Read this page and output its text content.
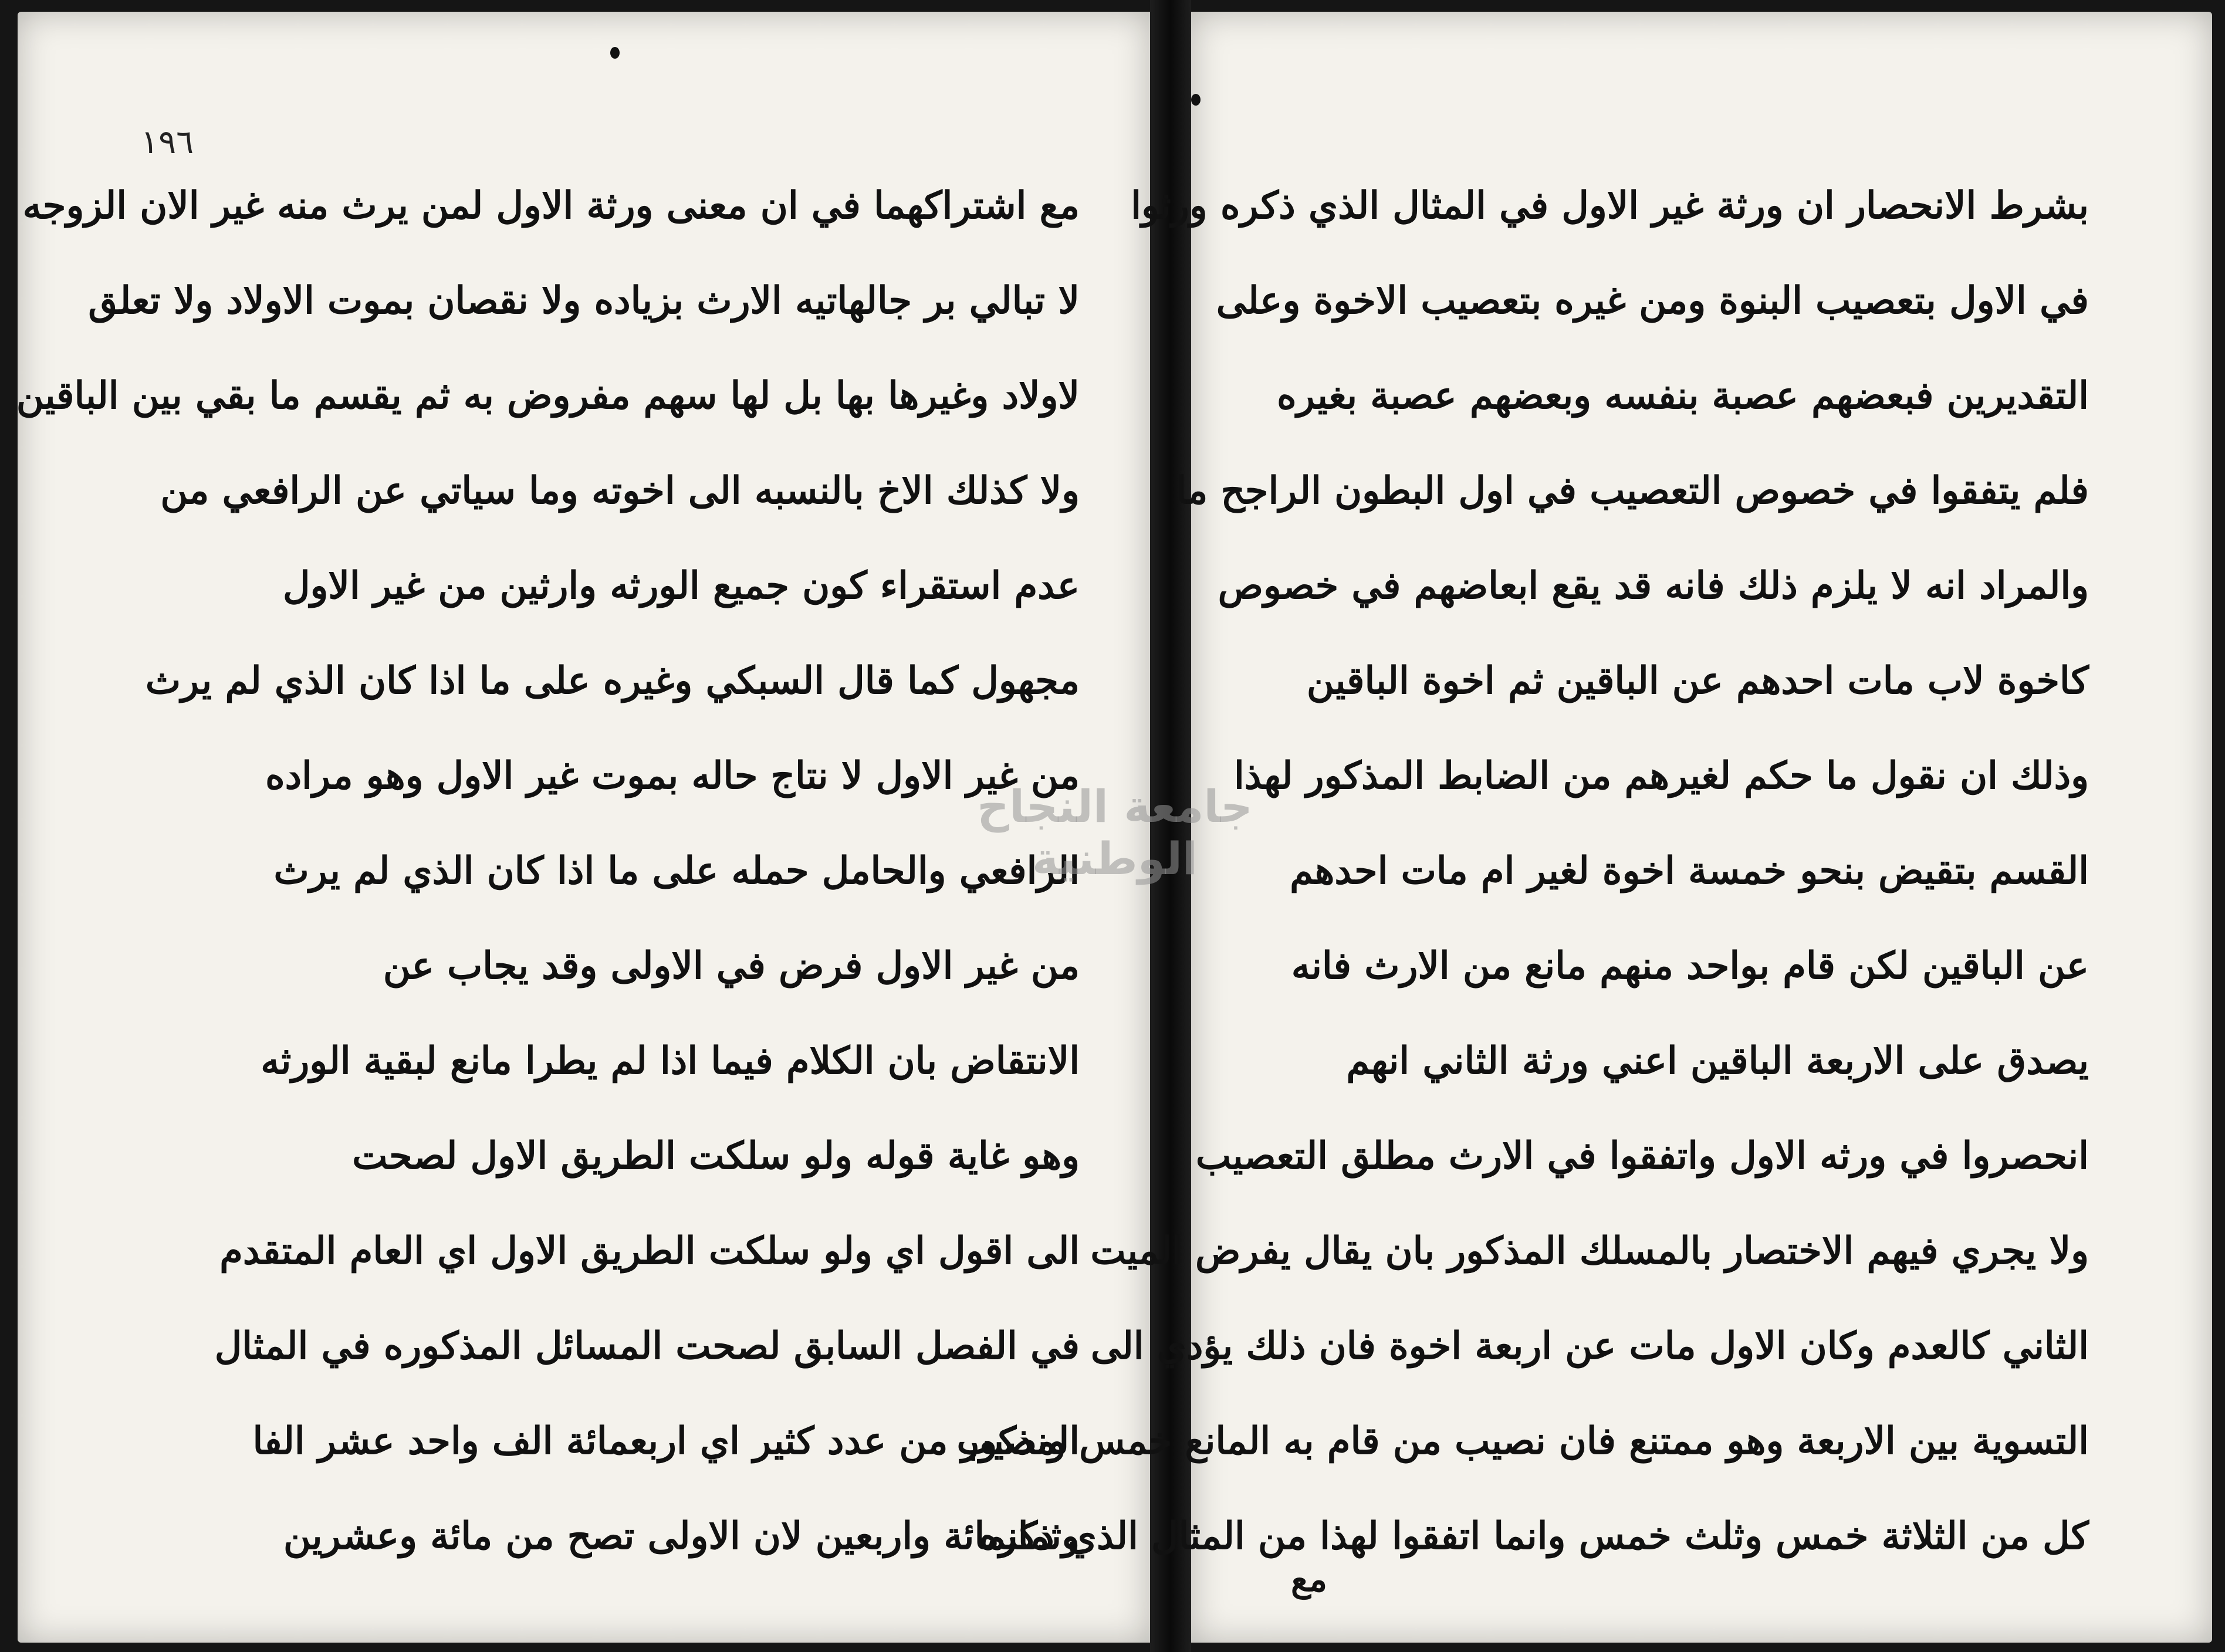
١٩٦
مع اشتراكهما في ان معنى ورثة الاول لمن يرث منه غير الان الزوجه
لا تبالي بر جالهاتيه الارث بزياده ولا نقصان بموت الاولاد ولا تعلق
لاولاد وغيرها بها بل لها سهم مفروض به ثم يقسم ما بقي بين الباقين
ولا كذلك الاخ بالنسبه الى اخوته وما سياتي عن الرافعي من
عدم استقراء كون جميع الورثه وارثين من غير الاول
مجهول كما قال السبكي وغيره على ما اذا كان الذي لم يرث
من غير الاول لا نتاج حاله بموت غير الاول وهو مراده
الرافعي والحامل حمله على ما اذا كان الذي لم يرث
من غير الاول فرض في الاولى وقد يجاب عن
الانتقاض بان الكلام فيما اذا لم يطرا مانع لبقية الورثه
وهو غاية قوله ولو سلكت الطريق الاول لصحت
الى اقول اي ولو سلكت الطريق الاول اي العام المتقدم
في الفصل السابق لصحت المسائل المذكوره في المثال
المذكور من عدد كثير اي اربعمائة الف واحد عشر الفا
وثمانمائة واربعين لان الاولى تصح من مائة وعشرين
بشرط الانحصار ان ورثة غير الاول في المثال الذي ذكره ورثوا
في الاول بتعصيب البنوة ومن غيره بتعصيب الاخوة وعلى
التقديرين فبعضهم عصبة بنفسه وبعضهم عصبة بغيره
فلم يتفقوا في خصوص التعصيب في اول البطون الراجح ما
والمراد انه لا يلزم ذلك فانه قد يقع ابعاضهم في خصوص
كاخوة لاب مات احدهم عن الباقين ثم اخوة الباقين
وذلك ان نقول ما حكم لغيرهم من الضابط المذكور لهذا
القسم بتقيض بنحو خمسة اخوة لغير ام مات احدهم
عن الباقين لكن قام بواحد منهم مانع من الارث فانه
يصدق على الاربعة الباقين اعني ورثة الثاني انهم
انحصروا في ورثه الاول واتفقوا في الارث مطلق التعصيب
ولا يجري فيهم الاختصار بالمسلك المذكور بان يقال يفرض الميت
الثاني كالعدم وكان الاول مات عن اربعة اخوة فان ذلك يؤدي الى
التسوية بين الاربعة وهو ممتنع فان نصيب من قام به المانع خمس ونصيب
كل من الثلاثة خمس وثلث خمس وانما اتفقوا لهذا من المثال الذي ذكره
مع
جامعة النجاح الوطنية
